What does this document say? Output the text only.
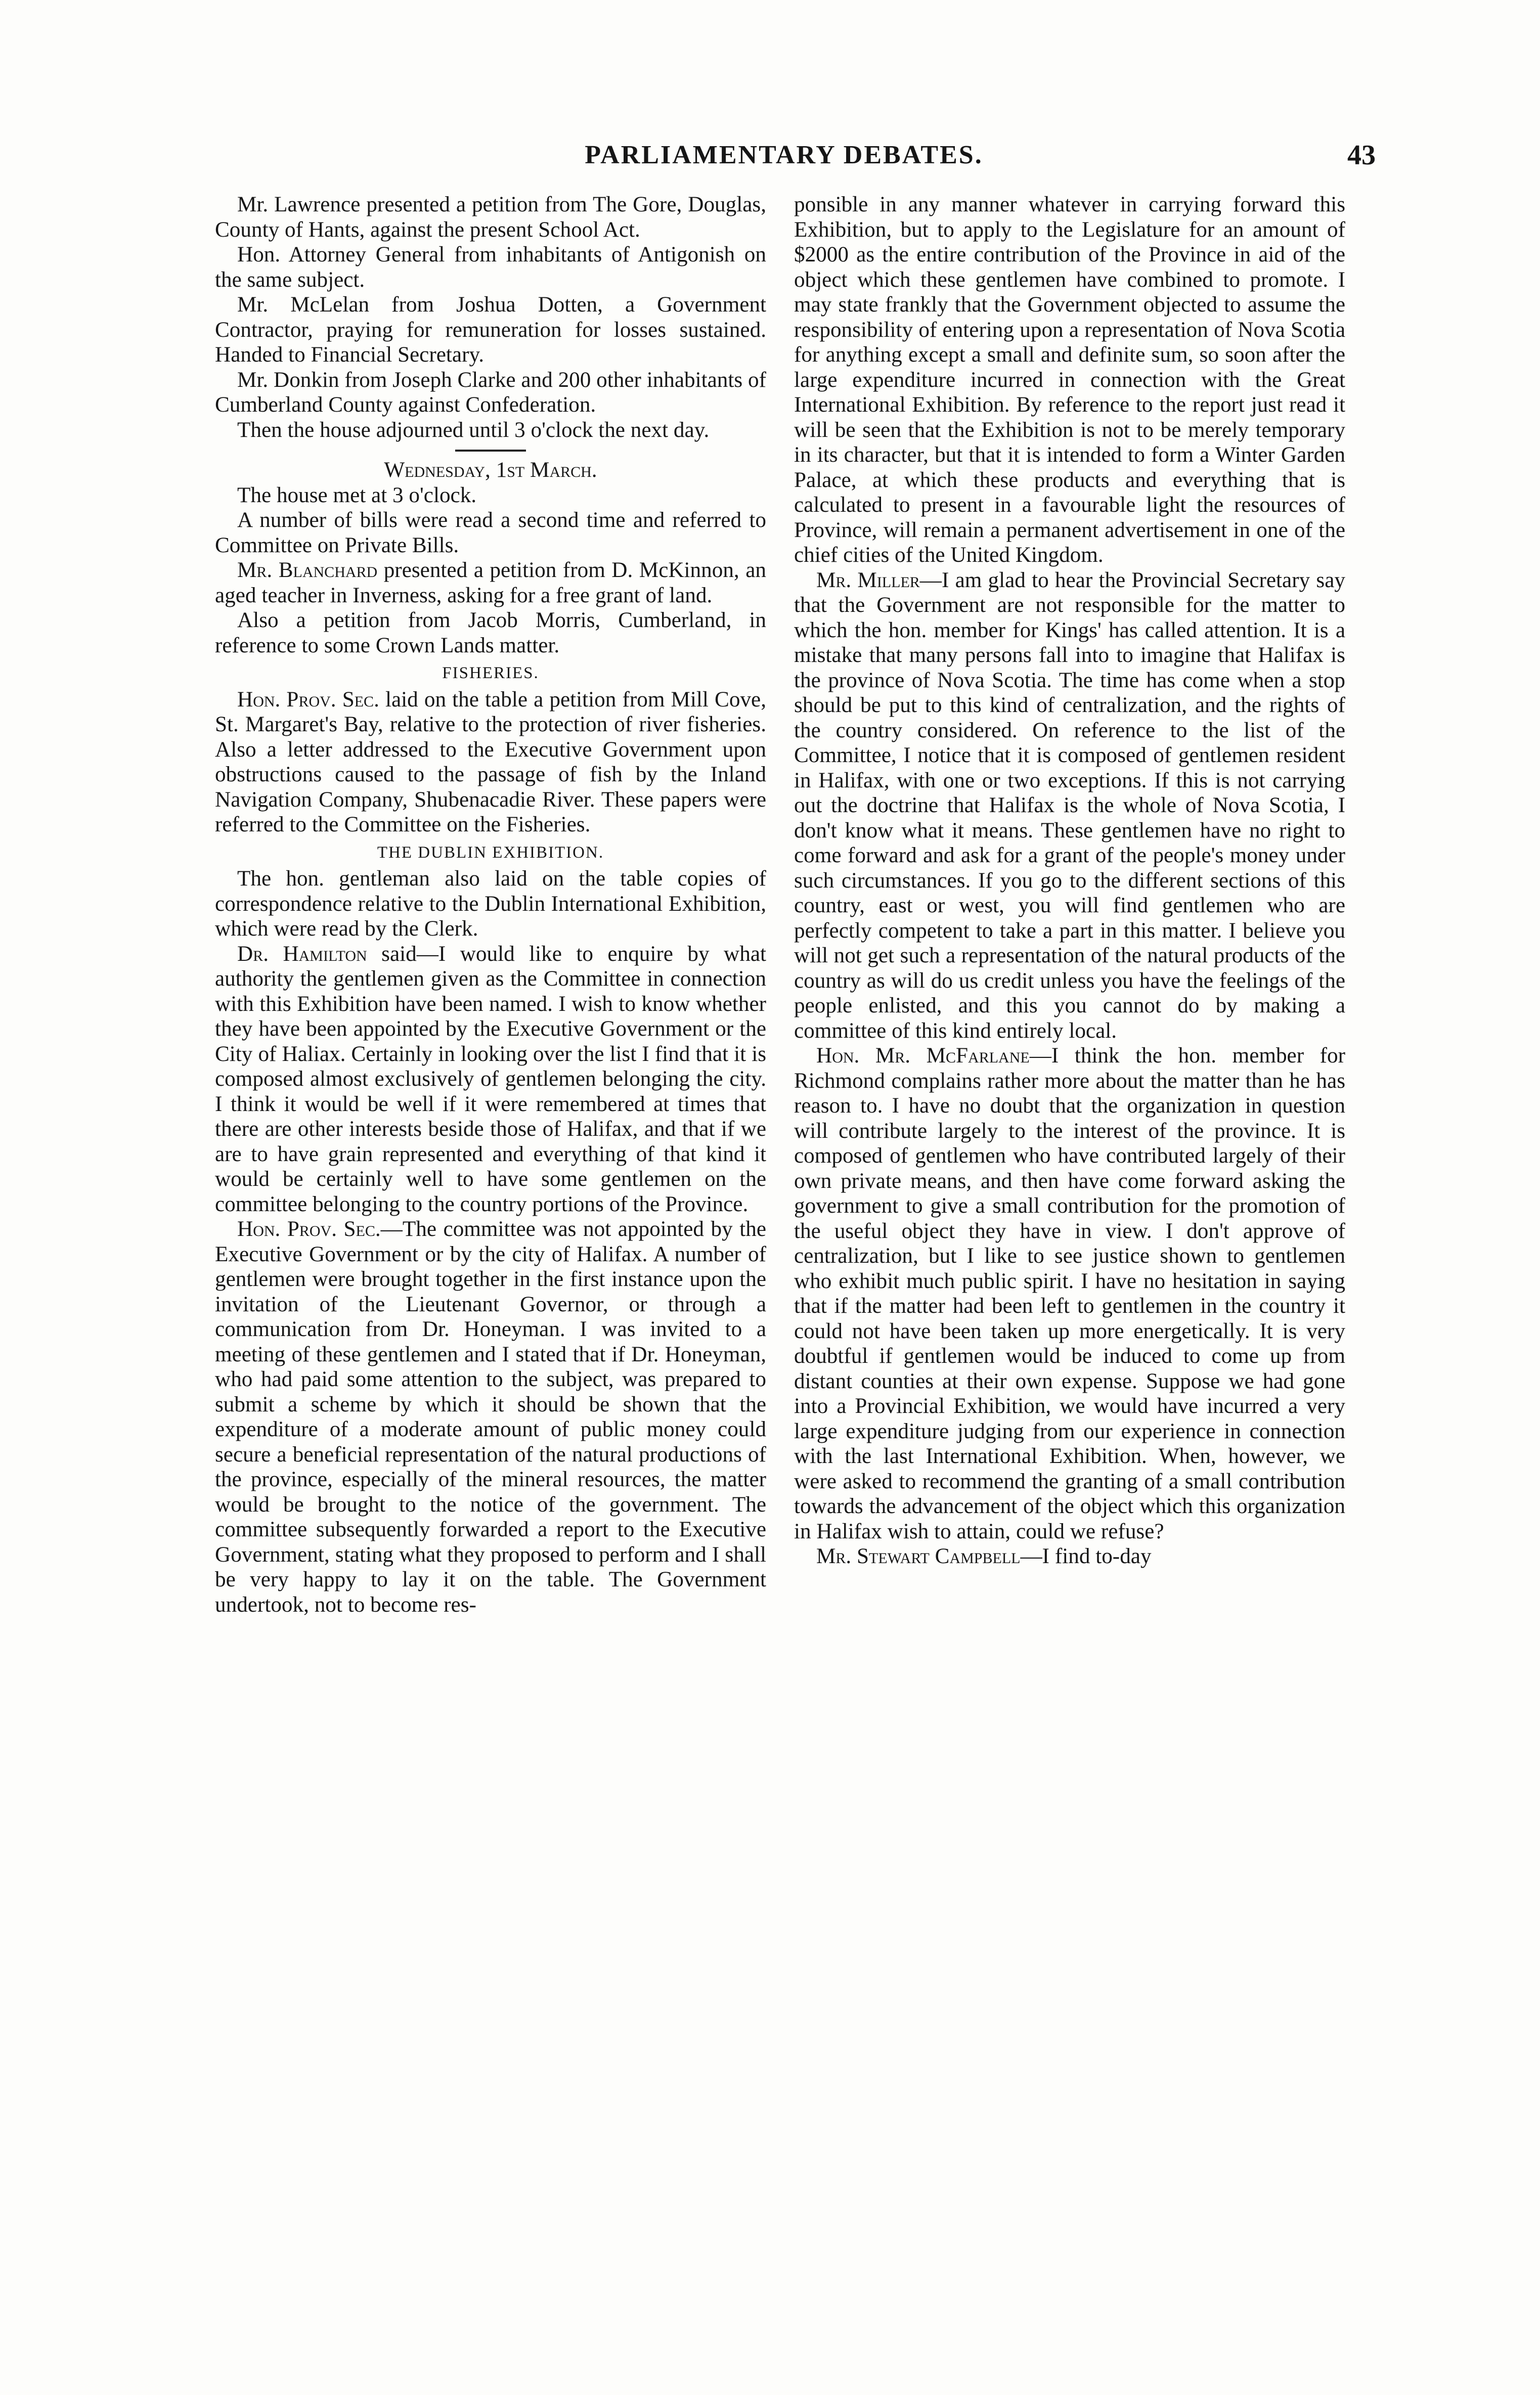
PARLIAMENTARY DEBATES.	43

Mr. Lawrence presented a petition from The Gore, Douglas, County of Hants, against the present School Act.

Hon. Attorney General from inhabitants of Antigonish on the same subject.

Mr. McLelan from Joshua Dotten, a Government Contractor, praying for remuneration for losses sustained. Handed to Financial Secretary.

Mr. Donkin from Joseph Clarke and 200 other inhabitants of Cumberland County against Confederation.

Then the house adjourned until 3 o'clock the next day.

Wednesday, 1st March.

The house met at 3 o'clock.

A number of bills were read a second time and referred to Committee on Private Bills.

Mr. Blanchard presented a petition from D. McKinnon, an aged teacher in Inverness, asking for a free grant of land.

Also a petition from Jacob Morris, Cumberland, in reference to some Crown Lands matter.

FISHERIES.

Hon. Prov. Sec. laid on the table a petition from Mill Cove, St. Margaret's Bay, relative to the protection of river fisheries. Also a letter addressed to the Executive Government upon obstructions caused to the passage of fish by the Inland Navigation Company, Shubenacadie River. These papers were referred to the Committee on the Fisheries.

THE DUBLIN EXHIBITION.

The hon. gentleman also laid on the table copies of correspondence relative to the Dublin International Exhibition, which were read by the Clerk.

Dr. Hamilton said—I would like to enquire by what authority the gentlemen given as the Committee in connection with this Exhibition have been named. I wish to know whether they have been appointed by the Executive Government or the City of Haliax. Certainly in looking over the list I find that it is composed almost exclusively of gentlemen belonging the city. I think it would be well if it were remembered at times that there are other interests beside those of Halifax, and that if we are to have grain represented and everything of that kind it would be certainly well to have some gentlemen on the committee belonging to the country portions of the Province.

Hon. Prov. Sec.—The committee was not appointed by the Executive Government or by the city of Halifax. A number of gentlemen were brought together in the first instance upon the invitation of the Lieutenant Governor, or through a communication from Dr. Honeyman. I was invited to a meeting of these gentlemen and I stated that if Dr. Honeyman, who had paid some attention to the subject, was prepared to submit a scheme by which it should be shown that the expenditure of a moderate amount of public money could secure a beneficial representation of the natural productions of the province, especially of the mineral resources, the matter would be brought to the notice of the government. The committee subsequently forwarded a report to the Executive Government, stating what they proposed to perform and I shall be very happy to lay it on the table. The Government undertook, not to become res-

ponsible in any manner whatever in carrying forward this Exhibition, but to apply to the Legislature for an amount of $2000 as the entire contribution of the Province in aid of the object which these gentlemen have combined to promote. I may state frankly that the Government objected to assume the responsibility of entering upon a representation of Nova Scotia for anything except a small and definite sum, so soon after the large expenditure incurred in connection with the Great International Exhibition. By reference to the report just read it will be seen that the Exhibition is not to be merely temporary in its character, but that it is intended to form a Winter Garden Palace, at which these products and everything that is calculated to present in a favourable light the resources of Province, will remain a permanent advertisement in one of the chief cities of the United Kingdom.

Mr. Miller—I am glad to hear the Provincial Secretary say that the Government are not responsible for the matter to which the hon. member for Kings' has called attention. It is a mistake that many persons fall into to imagine that Halifax is the province of Nova Scotia. The time has come when a stop should be put to this kind of centralization, and the rights of the country considered. On reference to the list of the Committee, I notice that it is composed of gentlemen resident in Halifax, with one or two exceptions. If this is not carrying out the doctrine that Halifax is the whole of Nova Scotia, I don't know what it means. These gentlemen have no right to come forward and ask for a grant of the people's money under such circumstances. If you go to the different sections of this country, east or west, you will find gentlemen who are perfectly competent to take a part in this matter. I believe you will not get such a representation of the natural products of the country as will do us credit unless you have the feelings of the people enlisted, and this you cannot do by making a committee of this kind entirely local.

Hon. Mr. McFarlane—I think the hon. member for Richmond complains rather more about the matter than he has reason to. I have no doubt that the organization in question will contribute largely to the interest of the province. It is composed of gentlemen who have contributed largely of their own private means, and then have come forward asking the government to give a small contribution for the promotion of the useful object they have in view. I don't approve of centralization, but I like to see justice shown to gentlemen who exhibit much public spirit. I have no hesitation in saying that if the matter had been left to gentlemen in the country it could not have been taken up more energetically. It is very doubtful if gentlemen would be induced to come up from distant counties at their own expense. Suppose we had gone into a Provincial Exhibition, we would have incurred a very large expenditure judging from our experience in connection with the last International Exhibition. When, however, we were asked to recommend the granting of a small contribution towards the advancement of the object which this organization in Halifax wish to attain, could we refuse?

Mr. Stewart Campbell—I find to-day
